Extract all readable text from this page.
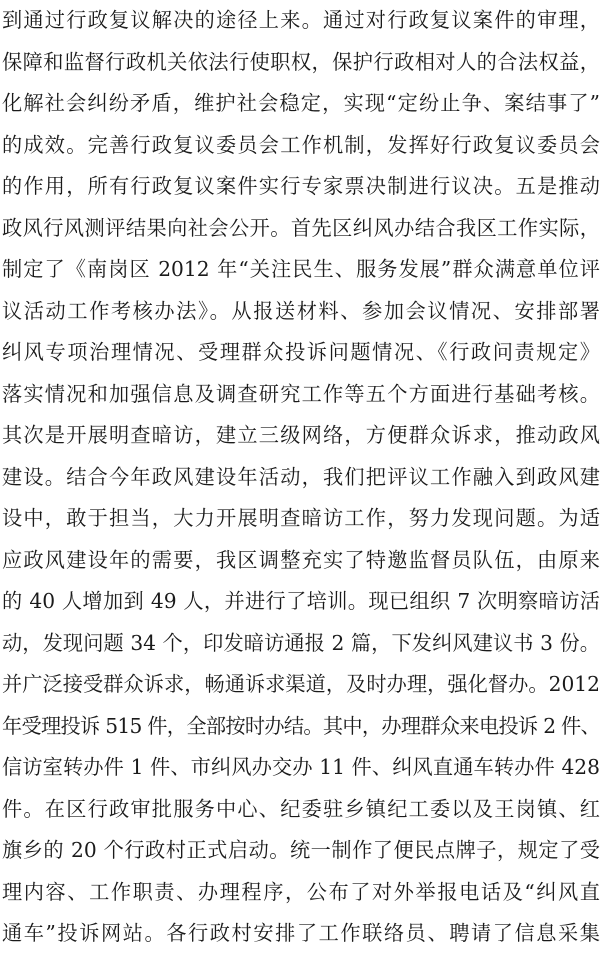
到通过行政复议解决的途径上来。通过对行政复议案件的审理，
保障和监督行政机关依法行使职权，保护行政相对人的合法权益，
化解社会纠纷矛盾，维护社会稳定，实现“定纷止争、案结事了”
的成效。完善行政复议委员会工作机制，发挥好行政复议委员会
的作用，所有行政复议案件实行专家票决制进行议决。五是推动
政风行风测评结果向社会公开。首先区纠风办结合我区工作实际，
制定了《南岗区 2012 年“关注民生、服务发展”群众满意单位评
议活动工作考核办法》。从报送材料、参加会议情况、安排部署
纠风专项治理情况、受理群众投诉问题情况、《行政问责规定》
落实情况和加强信息及调查研究工作等五个方面进行基础考核。
其次是开展明查暗访，建立三级网络，方便群众诉求，推动政风
建设。结合今年政风建设年活动，我们把评议工作融入到政风建
设中，敢于担当，大力开展明查暗访工作，努力发现问题。为适
应政风建设年的需要，我区调整充实了特邀监督员队伍，由原来
的 40 人增加到 49 人，并进行了培训。现已组织 7 次明察暗访活
动，发现问题 34 个，印发暗访通报 2 篇，下发纠风建议书 3 份。
并广泛接受群众诉求，畅通诉求渠道，及时办理，强化督办。2012
年受理投诉 515 件，全部按时办结。其中，办理群众来电投诉 2 件、
信访室转办件 1 件、市纠风办交办 11 件、纠风直通车转办件 428
件。在区行政审批服务中心、纪委驻乡镇纪工委以及王岗镇、红
旗乡的 20 个行政村正式启动。统一制作了便民点牌子，规定了受
理内容、工作职责、办理程序，公布了对外举报电话及“纠风直
通车”投诉网站。各行政村安排了工作联络员、聘请了信息采集
